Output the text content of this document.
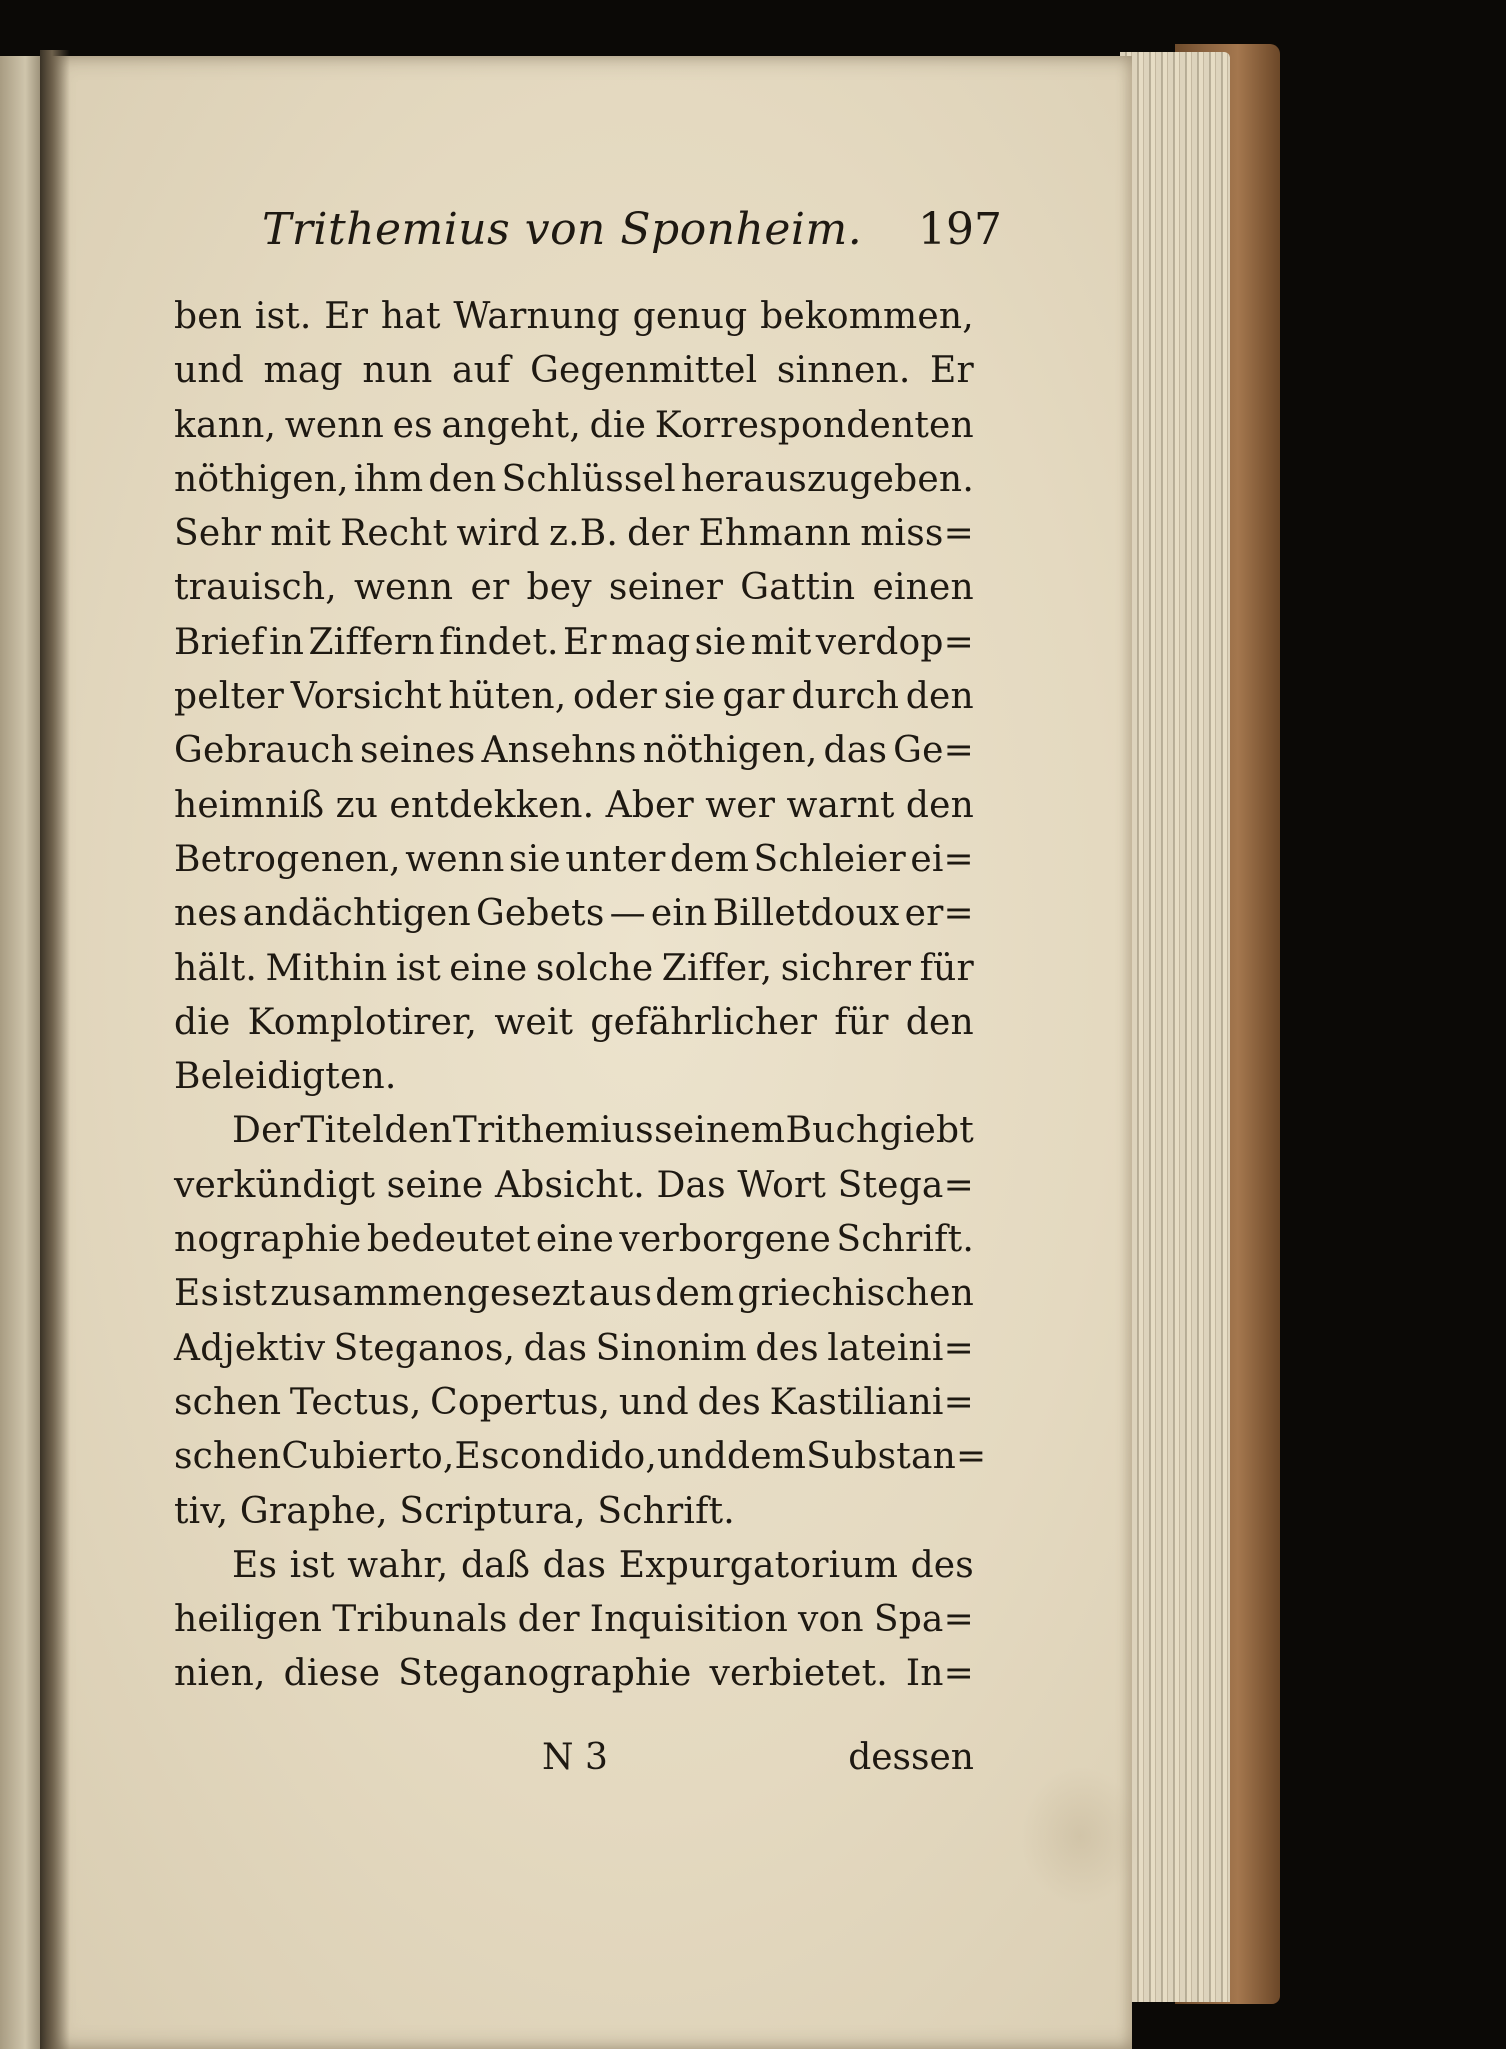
Trithemius von Sponheim. 197
ben ist. Er hat Warnung genug bekommen,
und mag nun auf Gegenmittel sinnen. Er
kann, wenn es angeht, die Korrespondenten
nöthigen, ihm den Schlüssel herauszugeben.
Sehr mit Recht wird z.B. der Ehmann miss=
trauisch, wenn er bey seiner Gattin einen
Brief in Ziffern findet. Er mag sie mit verdop=
pelter Vorsicht hüten, oder sie gar durch den
Gebrauch seines Ansehns nöthigen, das Ge=
heimniß zu entdekken. Aber wer warnt den
Betrogenen, wenn sie unter dem Schleier ei=
nes andächtigen Gebets — ein Billetdoux er=
hält. Mithin ist eine solche Ziffer, sichrer für
die Komplotirer, weit gefährlicher für den
Beleidigten.
Der Titel den Trithemius seinem Buch giebt
verkündigt seine Absicht. Das Wort Stega=
nographie bedeutet eine verborgene Schrift.
Es ist zusammengesezt aus dem griechischen
Adjektiv Steganos, das Sinonim des lateini=
schen Tectus, Copertus, und des Kastiliani=
schen Cubierto, Escondido, und dem Substan=
tiv, Graphe, Scriptura, Schrift.
Es ist wahr, daß das Expurgatorium des
heiligen Tribunals der Inquisition von Spa=
nien, diese Steganographie verbietet. In=
N 3	dessen
